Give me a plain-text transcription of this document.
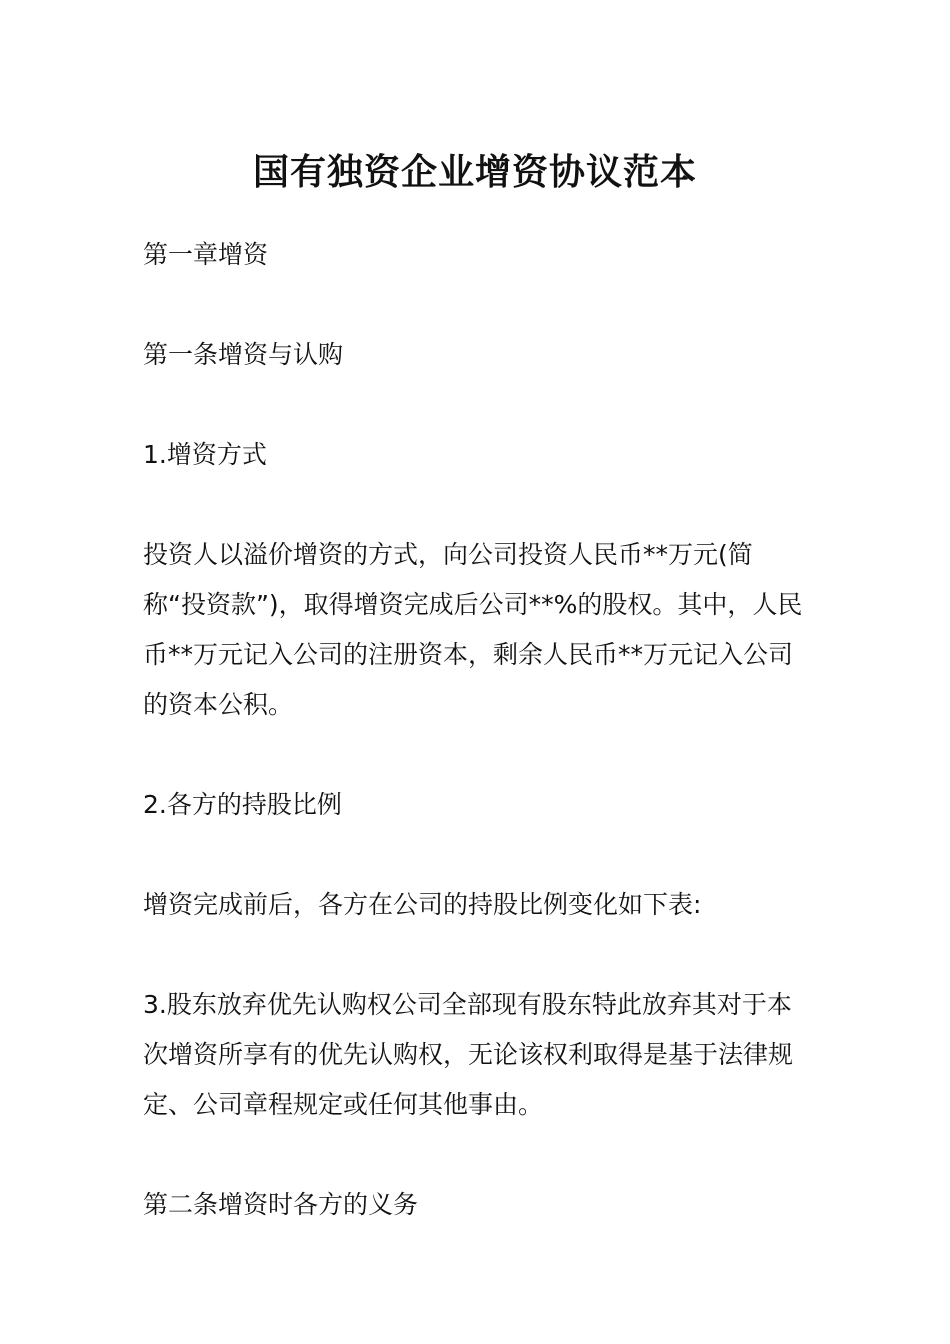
国有独资企业增资协议范本

第一章增资

第一条增资与认购

1.增资方式

投资人以溢价增资的方式，向公司投资人民币**万元(简称“投资款”)，取得增资完成后公司**%的股权。其中，人民币**万元记入公司的注册资本，剩余人民币**万元记入公司的资本公积。

2.各方的持股比例

增资完成前后，各方在公司的持股比例变化如下表:

3.股东放弃优先认购权公司全部现有股东特此放弃其对于本次增资所享有的优先认购权，无论该权利取得是基于法律规定、公司章程规定或任何其他事由。

第二条增资时各方的义务
